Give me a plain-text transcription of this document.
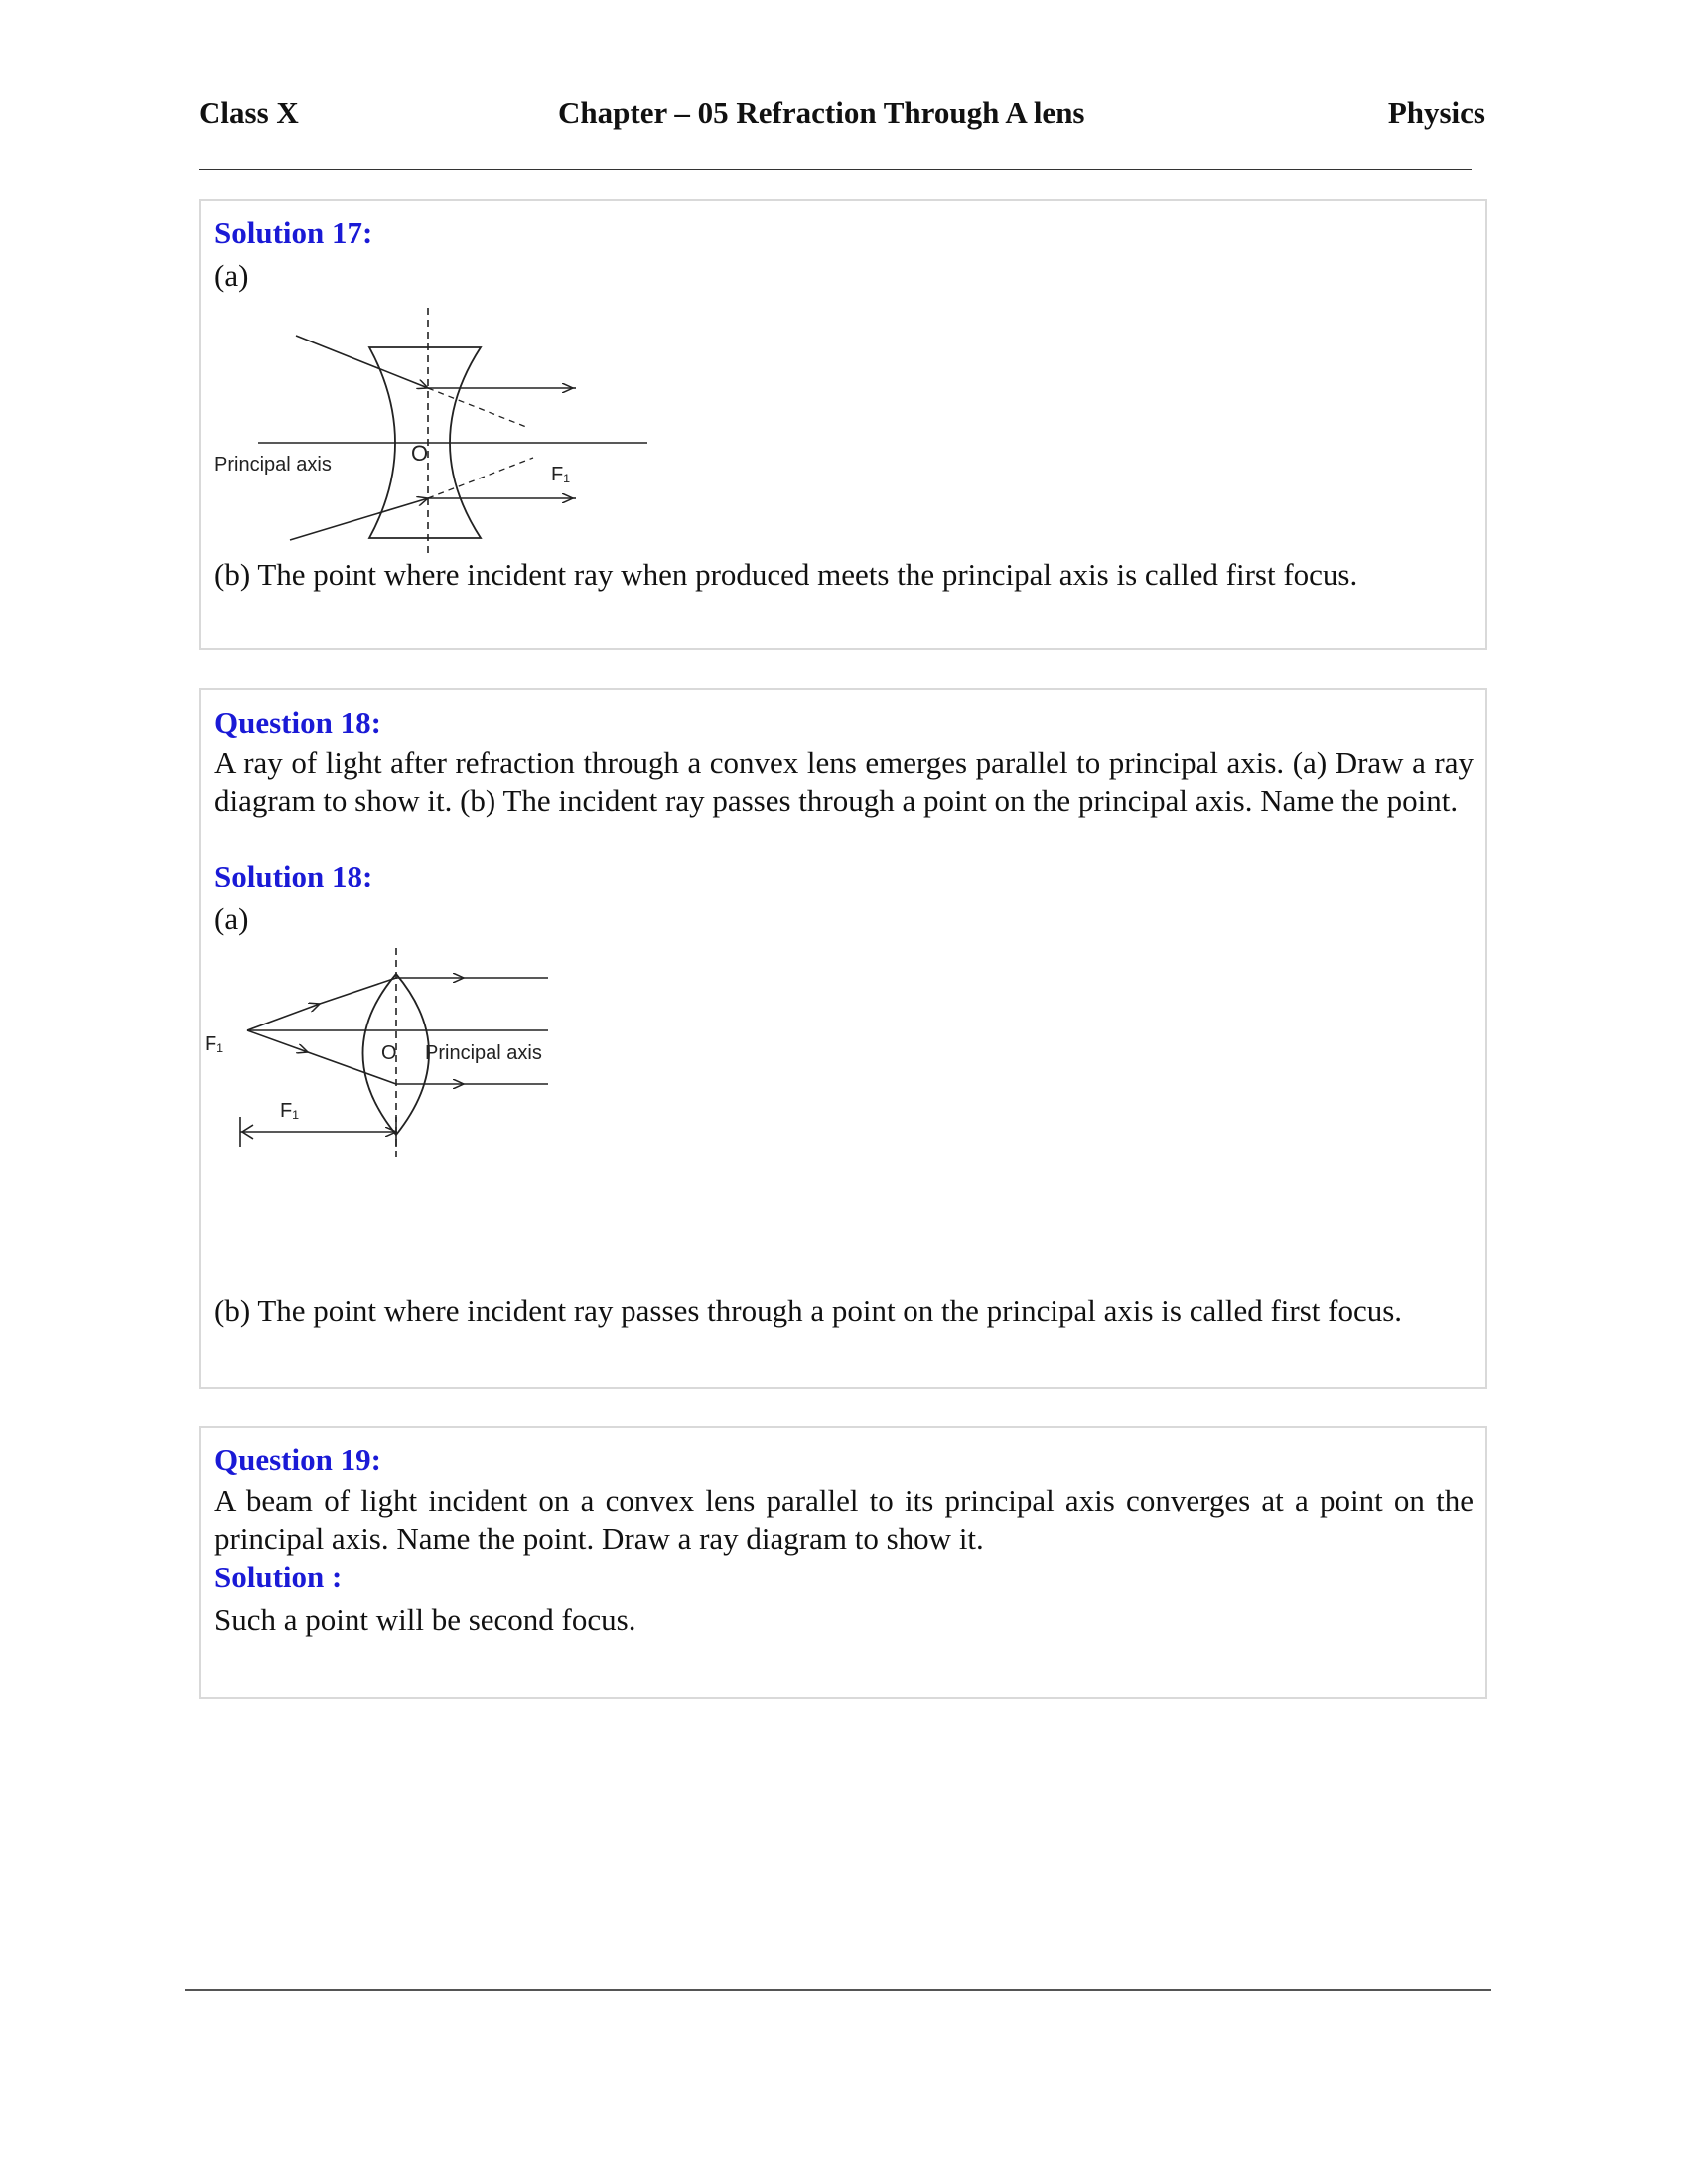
Class X	Chapter – 05 Refraction Through A lens	Physics
Solution 17:
(a)
Principal axis	O
F₁
(b) The point where incident ray when produced meets the principal axis is called first focus.
Question 18:
A ray of light after refraction through a convex lens emerges parallel to principal axis. (a) Draw a ray diagram to show it. (b) The incident ray passes through a point on the principal axis. Name the point.
Solution 18:
(a)
F₁	O Principal axis
F₁
(b) The point where incident ray passes through a point on the principal axis is called first focus.
Question 19:
A beam of light incident on a convex lens parallel to its principal axis converges at a point on the principal axis. Name the point. Draw a ray diagram to show it.
Solution :
Such a point will be second focus.
